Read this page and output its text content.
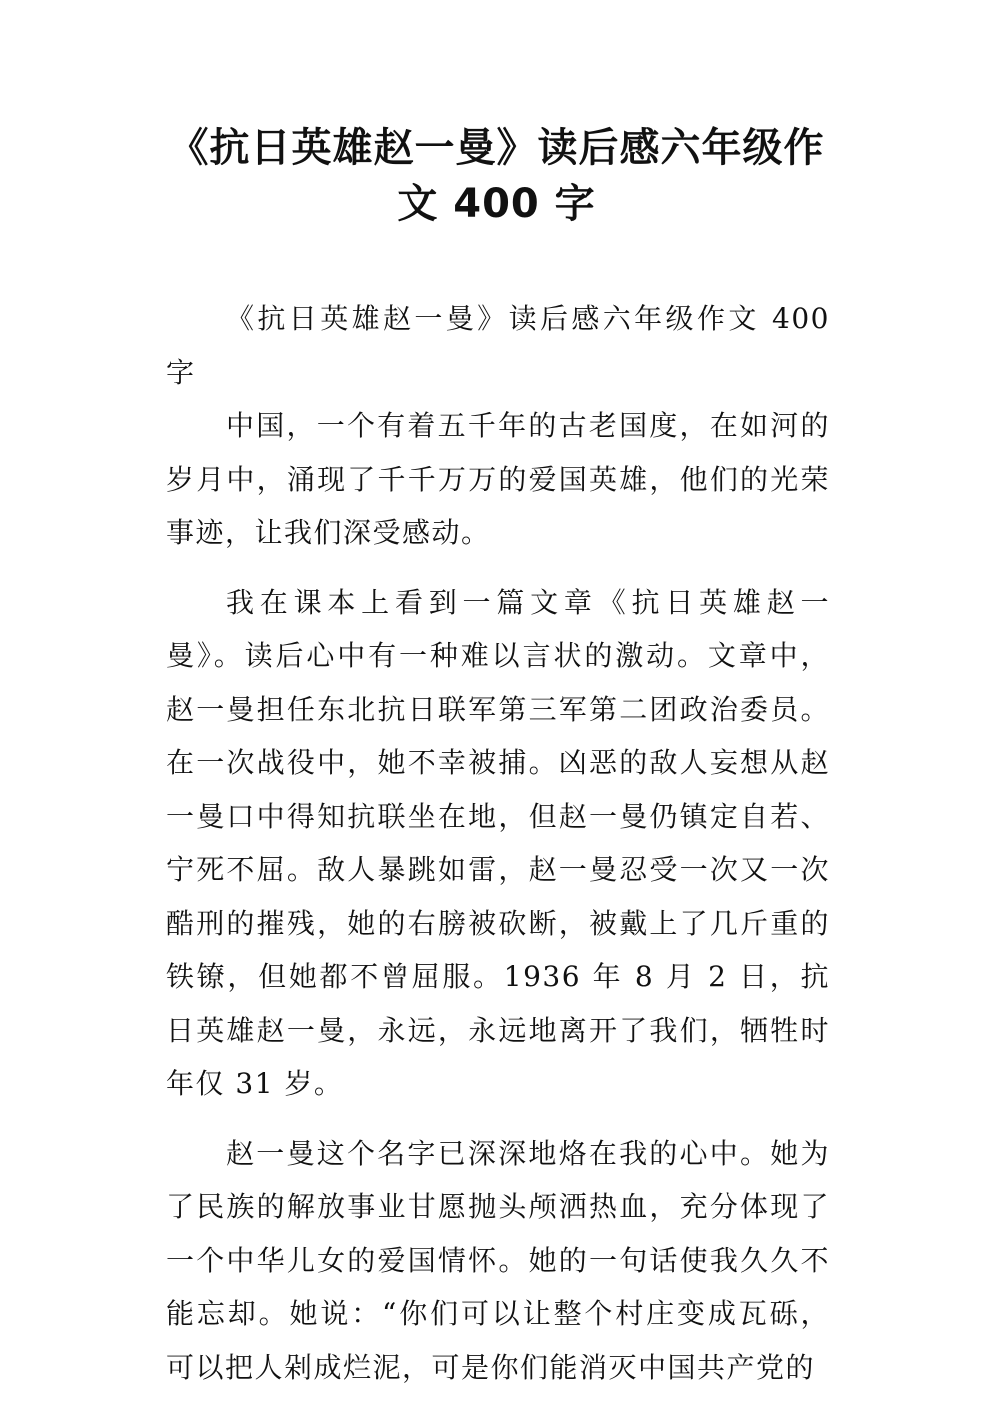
《抗日英雄赵一曼》读后感六年级作
文 400 字

《抗日英雄赵一曼》读后感六年级作文 400 字

中国，一个有着五千年的古老国度，在如河的岁月中，涌现了千千万万的爱国英雄，他们的光荣事迹，让我们深受感动。

我在课本上看到一篇文章《抗日英雄赵一曼》。读后心中有一种难以言状的激动。文章中，赵一曼担任东北抗日联军第三军第二团政治委员。在一次战役中，她不幸被捕。凶恶的敌人妄想从赵一曼口中得知抗联坐在地，但赵一曼仍镇定自若、宁死不屈。敌人暴跳如雷，赵一曼忍受一次又一次酷刑的摧残，她的右膀被砍断，被戴上了几斤重的铁镣，但她都不曾屈服。1936 年 8 月 2 日，抗日英雄赵一曼，永远，永远地离开了我们，牺牲时年仅 31 岁。

赵一曼这个名字已深深地烙在我的心中。她为了民族的解放事业甘愿抛头颅洒热血，充分体现了一个中华儿女的爱国情怀。她的一句话使我久久不能忘却。她说：“你们可以让整个村庄变成瓦砾，可以把人剁成烂泥，可是你们能消灭中国共产党的
